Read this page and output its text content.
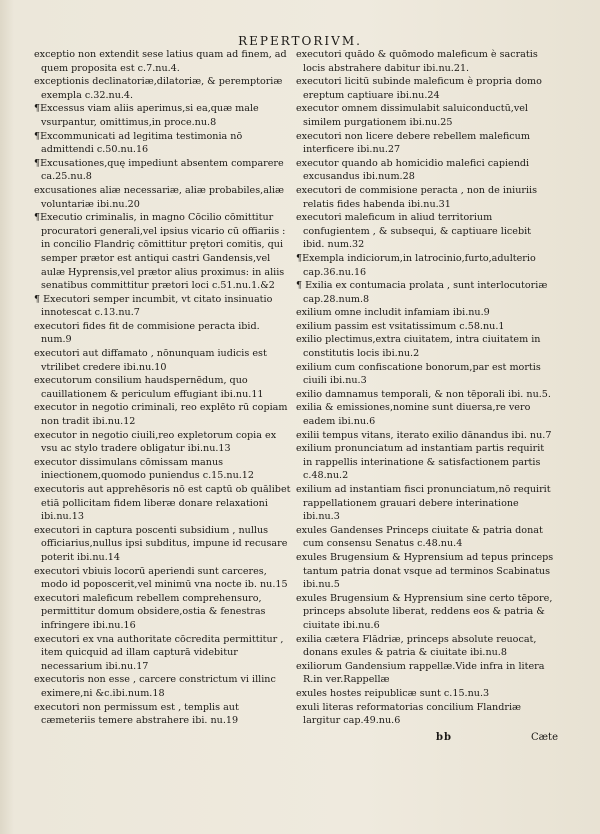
REPERTORIVM.

exceptio non extendit sese latius quam ad finem, ad quem proposita est c.7.nu.4.

exceptionis declinatoriæ,dilatoriæ, & peremptoriæ exempla c.32.nu.4.

¶Excessus viam aliis aperimus,si ea,quæ male vsurpantur, omittimus,in proce.nu.8

¶Excommunicati ad legitima testimonia nō admittendi c.50.nu.16

¶Excusationes,quę impediunt absentem comparere ca.25.nu.8

excusationes aliæ necessariæ, aliæ probabiles,aliæ voluntariæ ibi.nu.20

¶Executio criminalis, in magno Cōcilio cōmittitur procuratori generali,vel ipsius vicario cū offiariis : in concilio Flandriç cōmittitur prętori comitis, qui semper prætor est antiqui castri Gandensis,vel aulæ Hyprensis,vel prætor alius proximus: in aliis senatibus committitur prætori loci c.51.nu.1.&2

¶ Executori semper incumbit, vt citato insinuatio innotescat c.13.nu.7

executori fides fit de commisione peracta ibid. num.9

executori aut diffamato , nōnunquam iudicis est vtrilibet credere ibi.nu.10

executorum consilium haudspernēdum, quo cauillationem & periculum effugiant ibi.nu.11

executor in negotio criminali, reo explēto rū copiam non tradit ibi.nu.12

executor in negotio ciuili,reo expletorum copia ex vsu ac stylo tradere obligatur ibi.nu.13

executor dissimulans cōmissam manus iniectionem,quomodo puniendus c.15.nu.12

executoris aut apprehēsoris nō est captū ob quālibet etiā pollicitam fidem liberæ donare relaxationi ibi.nu.13

executori in captura poscenti subsidium , nullus officiarius,nullus ipsi subditus, impune id recusare poterit ibi.nu.14

executori vbiuis locorū aperiendi sunt carceres, modo id poposcerit,vel minimū vna nocte ib. nu.15

executori maleficum rebellem comprehensuro, permittitur domum obsidere,ostia & fenestras infringere ibi.nu.16

executori ex vna authoritate cōcredita permittitur , item quicquid ad illam capturā videbitur necessarium ibi.nu.17

executoris non esse , carcere constrictum vi illinc eximere,ni &c.ibi.num.18

executori non permissum est , templis aut cæmeteriis temere abstrahere ibi. nu.19

executori quādo & quōmodo maleficum è sacratis locis abstrahere dabitur ibi.nu.21.

executori licitū subinde maleficum è propria domo ereptum captiuare ibi.nu.24

executor omnem dissimulabit saluiconductū,vel similem purgationem ibi.nu.25

executori non licere debere rebellem maleficum interficere ibi.nu.27

executor quando ab homicidio malefici capiendi excusandus ibi.num.28

executori de commisione peracta , non de iniuriis relatis fides habenda ibi.nu.31

executori maleficum in aliud territorium confugientem , & subsequi, & captiuare licebit ibid. num.32

¶Exempla indiciorum,in latrocinio,furto,adulterio cap.36.nu.16

¶ Exilia ex contumacia prolata , sunt interlocutoriæ cap.28.num.8

exilium omne includit infamiam ibi.nu.9

exilium passim est vsitatissimum c.58.nu.1

exilio plectimus,extra ciuitatem, intra ciuitatem in constitutis locis ibi.nu.2

exilium cum confiscatione bonorum,par est mortis ciuili ibi.nu.3

exilio damnamus temporali, & non tēporali ibi. nu.5.

exilia & emissiones,nomine sunt diuersa,re vero eadem ibi.nu.6

exilii tempus vitans, iterato exilio dānandus ibi. nu.7

exilium pronunciatum ad instantiam partis requirit in rappellis interinatione & satisfactionem partis c.48.nu.2

exilium ad instantiam fisci pronunciatum,nō requirit rappellationem grauari debere interinatione ibi.nu.3

exules Gandenses Princeps ciuitate & patria donat cum consensu Senatus c.48.nu.4

exules Brugensium & Hyprensium ad tepus princeps tantum patria donat vsque ad terminos Scabinatus ibi.nu.5

exules Brugensium & Hyprensium sine certo tēpore, princeps absolute liberat, reddens eos & patria & ciuitate ibi.nu.6

exilia cætera Flādriæ, princeps absolute reuocat, donans exules & patria & ciuitate ibi.nu.8

exiliorum Gandensium rappellæ.Vide infra in litera R.in ver.Rappellæ

exules hostes reipublicæ sunt c.15.nu.3

exuli literas reformatorias concilium Flandriæ largitur cap.49.nu.6

bb	Cæte
